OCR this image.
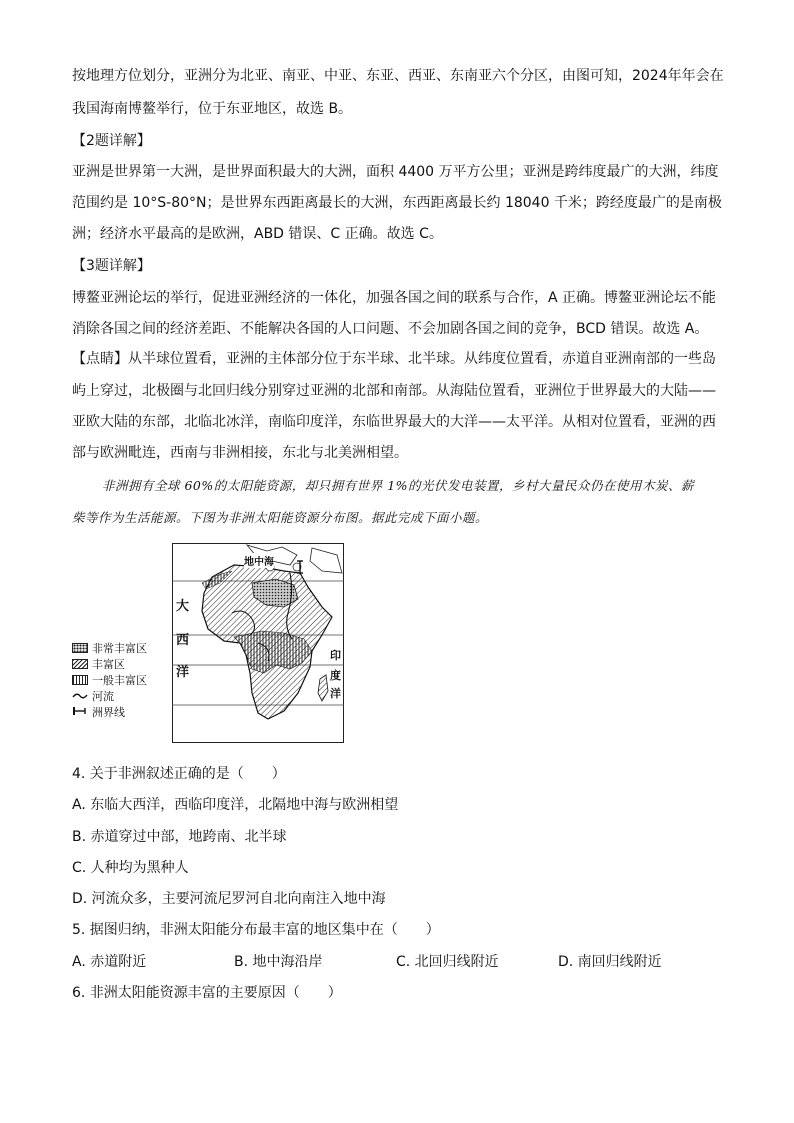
按地理方位划分，亚洲分为北亚、南亚、中亚、东亚、西亚、东南亚六个分区，由图可知，2024年年会在
我国海南博鳌举行，位于东亚地区，故选 B。
【2题详解】
亚洲是世界第一大洲，是世界面积最大的大洲，面积 4400 万平方公里；亚洲是跨纬度最广的大洲，纬度
范围约是 10°S-80°N；是世界东西距离最长的大洲，东西距离最长约 18040 千米；跨经度最广的是南极
洲；经济水平最高的是欧洲，ABD 错误、C 正确。故选 C。
【3题详解】
博鳌亚洲论坛的举行，促进亚洲经济的一体化，加强各国之间的联系与合作，A 正确。博鳌亚洲论坛不能
消除各国之间的经济差距、不能解决各国的人口问题、不会加剧各国之间的竞争，BCD 错误。故选 A。
【点睛】从半球位置看，亚洲的主体部分位于东半球、北半球。从纬度位置看，赤道自亚洲南部的一些岛
屿上穿过，北极圈与北回归线分别穿过亚洲的北部和南部。从海陆位置看，亚洲位于世界最大的大陆——
亚欧大陆的东部，北临北冰洋，南临印度洋，东临世界最大的大洋——太平洋。从相对位置看，亚洲的西
部与欧洲毗连，西南与非洲相接，东北与北美洲相望。
非洲拥有全球 60%的太阳能资源，却只拥有世界 1%的光伏发电装置，乡村大量民众仍在使用木炭、薪
柴等作为生活能源。下图为非洲太阳能资源分布图。据此完成下面小题。
地中海
大
西
洋
印
度
洋
非常丰富区
丰富区
一般丰富区
河流
洲界线
4. 关于非洲叙述正确的是（　　）
A. 东临大西洋，西临印度洋，北隔地中海与欧洲相望
B. 赤道穿过中部，地跨南、北半球
C. 人种均为黑种人
D. 河流众多，主要河流尼罗河自北向南注入地中海
5. 据图归纳，非洲太阳能分布最丰富的地区集中在（　　）
A. 赤道附近	B. 地中海沿岸	C. 北回归线附近	D. 南回归线附近
6. 非洲太阳能资源丰富的主要原因（　　）
